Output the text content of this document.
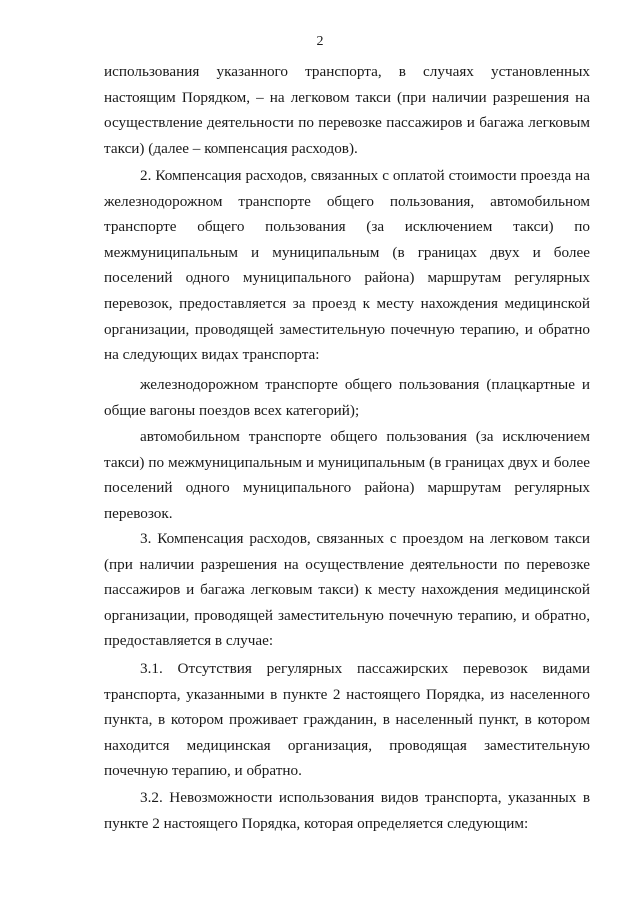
2

использования указанного транспорта, в случаях установленных настоящим Порядком, – на легковом такси (при наличии разрешения на осуществление деятельности по перевозке пассажиров и багажа легковым такси) (далее – компенсация расходов).

2. Компенсация расходов, связанных с оплатой стоимости проезда на железнодорожном транспорте общего пользования, автомобильном транспорте общего пользования (за исключением такси) по межмуниципальным и муниципальным (в границах двух и более поселений одного муниципального района) маршрутам регулярных перевозок, предоставляется за проезд к месту нахождения медицинской организации, проводящей заместительную почечную терапию, и обратно на следующих видах транспорта:

железнодорожном транспорте общего пользования (плацкартные и общие вагоны поездов всех категорий);

автомобильном транспорте общего пользования (за исключением такси) по межмуниципальным и муниципальным (в границах двух и более поселений одного муниципального района) маршрутам регулярных перевозок.

3. Компенсация расходов, связанных с проездом на легковом такси (при наличии разрешения на осуществление деятельности по перевозке пассажиров и багажа легковым такси) к месту нахождения медицинской организации, проводящей заместительную почечную терапию, и обратно, предоставляется в случае:

3.1. Отсутствия регулярных пассажирских перевозок видами транспорта, указанными в пункте 2 настоящего Порядка, из населенного пункта, в котором проживает гражданин, в населенный пункт, в котором находится медицинская организация, проводящая заместительную почечную терапию, и обратно.

3.2. Невозможности использования видов транспорта, указанных в пункте 2 настоящего Порядка, которая определяется следующим:
